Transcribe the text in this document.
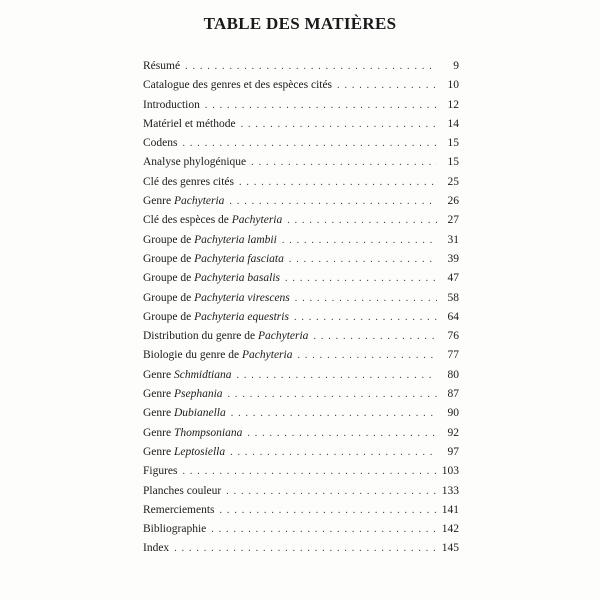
TABLE DES MATIÈRES
Résumé . . .	9
Catalogue des genres et des espèces cités . . .	10
Introduction . . .	12
Matériel et méthode . . .	14
Codens . . .	15
Analyse phylogénique . . .	15
Clé des genres cités . . .	25
Genre Pachyteria . . .	26
Clé des espèces de Pachyteria . . .	27
Groupe de Pachyteria lambii . . .	31
Groupe de Pachyteria fasciata . . .	39
Groupe de Pachyteria basalis . . .	47
Groupe de Pachyteria virescens . . .	58
Groupe de Pachyteria equestris . . .	64
Distribution du genre de Pachyteria . . .	76
Biologie du genre de Pachyteria . . .	77
Genre Schmidtiana . . .	80
Genre Psephania . . .	87
Genre Dubianella . . .	90
Genre Thompsoniana . . .	92
Genre Leptosiella . . .	97
Figures . . .	103
Planches couleur . . .	133
Remerciements . . .	141
Bibliographie . . .	142
Index . . .	145
